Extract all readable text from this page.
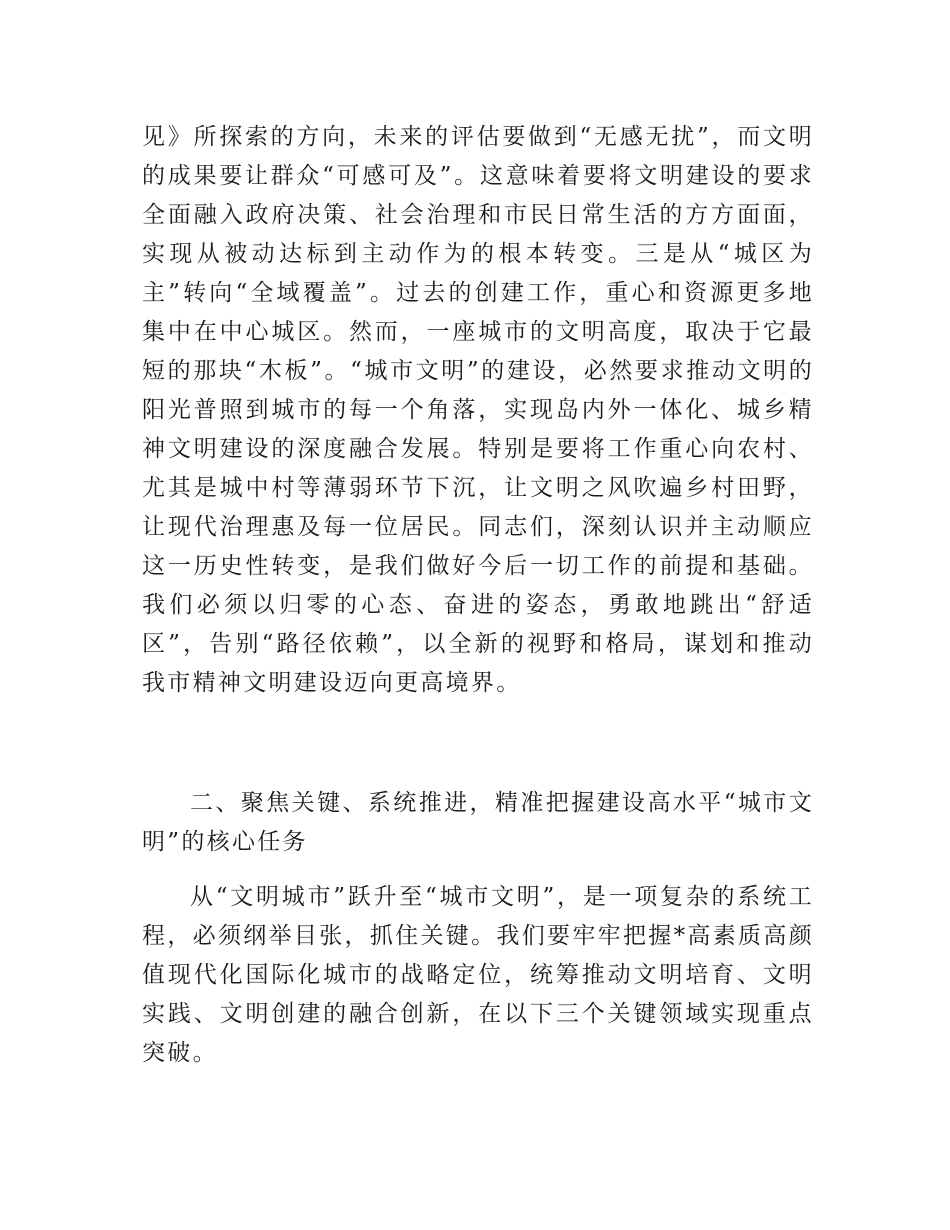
见》所探索的方向，未来的评估要做到“无感无扰”，而文明的成果要让群众“可感可及”。这意味着要将文明建设的要求全面融入政府决策、社会治理和市民日常生活的方方面面，实现从被动达标到主动作为的根本转变。三是从“城区为主”转向“全域覆盖”。过去的创建工作，重心和资源更多地集中在中心城区。然而，一座城市的文明高度，取决于它最短的那块“木板”。“城市文明”的建设，必然要求推动文明的阳光普照到城市的每一个角落，实现岛内外一体化、城乡精神文明建设的深度融合发展。特别是要将工作重心向农村、尤其是城中村等薄弱环节下沉，让文明之风吹遍乡村田野，让现代治理惠及每一位居民。同志们，深刻认识并主动顺应这一历史性转变，是我们做好今后一切工作的前提和基础。我们必须以归零的心态、奋进的姿态，勇敢地跳出“舒适区”，告别“路径依赖”，以全新的视野和格局，谋划和推动我市精神文明建设迈向更高境界。

二、聚焦关键、系统推进，精准把握建设高水平“城市文明”的核心任务

从“文明城市”跃升至“城市文明”，是一项复杂的系统工程，必须纲举目张，抓住关键。我们要牢牢把握*高素质高颜值现代化国际化城市的战略定位，统筹推动文明培育、文明实践、文明创建的融合创新，在以下三个关键领域实现重点突破。
